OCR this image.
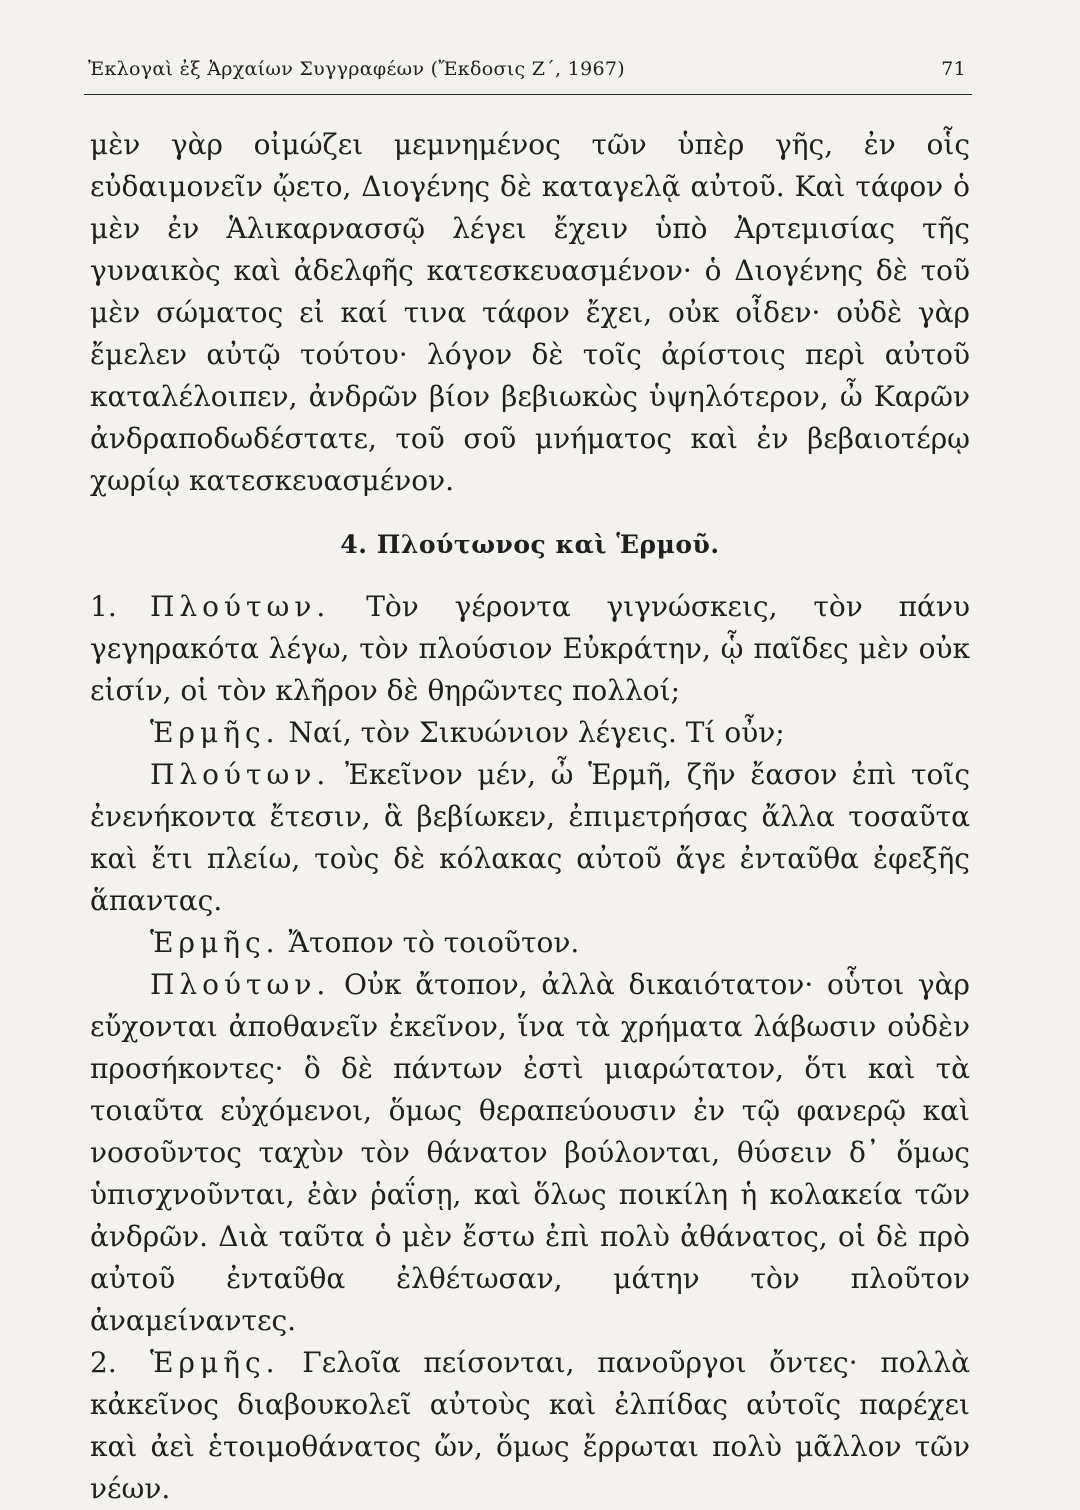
Ἐκλογαὶ ἐξ Ἀρχαίων Συγγραφέων (Ἔκδοσις Ζ΄, 1967)	71

μὲν γὰρ οἰμώζει μεμνημένος τῶν ὑπὲρ γῆς, ἐν οἷς εὐδαιμονεῖν ᾤετο, Διογένης δὲ καταγελᾷ αὐτοῦ. Καὶ τάφον ὁ μὲν ἐν Ἁλικαρνασσῷ λέγει ἔχειν ὑπὸ Ἀρτεμισίας τῆς γυναικὸς καὶ ἀδελφῆς κατεσκευασμένον· ὁ Διογένης δὲ τοῦ μὲν σώματος εἰ καί τινα τάφον ἔχει, οὐκ οἶδεν· οὐδὲ γὰρ ἔμελεν αὐτῷ τούτου· λόγον δὲ τοῖς ἀρίστοις περὶ αὐτοῦ καταλέλοιπεν, ἀνδρῶν βίον βεβιωκὼς ὑψηλότερον, ὦ Καρῶν ἀνδραποδωδέστατε, τοῦ σοῦ μνήματος καὶ ἐν βεβαιοτέρῳ χωρίῳ κατεσκευασμένον.

4. Πλούτωνος καὶ Ἑρμοῦ.

1. Πλούτων. Τὸν γέροντα γιγνώσκεις, τὸν πάνυ γεγηρακότα λέγω, τὸν πλούσιον Εὐκράτην, ᾧ παῖδες μὲν οὐκ εἰσίν, οἱ τὸν κλῆρον δὲ θηρῶντες πολλοί;

Ἑρμῆς. Ναί, τὸν Σικυώνιον λέγεις. Τί οὖν;

Πλούτων. Ἐκεῖνον μέν, ὦ Ἑρμῆ, ζῆν ἔασον ἐπὶ τοῖς ἐνενήκοντα ἔτεσιν, ἃ βεβίωκεν, ἐπιμετρήσας ἄλλα τοσαῦτα καὶ ἔτι πλείω, τοὺς δὲ κόλακας αὐτοῦ ἄγε ἐνταῦθα ἐφεξῆς ἅπαντας.

Ἑρμῆς. Ἄτοπον τὸ τοιοῦτον.

Πλούτων. Οὐκ ἄτοπον, ἀλλὰ δικαιότατον· οὗτοι γὰρ εὔχονται ἀποθανεῖν ἐκεῖνον, ἵνα τὰ χρήματα λάβωσιν οὐδὲν προσήκοντες· ὃ δὲ πάντων ἐστὶ μιαρώτατον, ὅτι καὶ τὰ τοιαῦτα εὐχόμενοι, ὅμως θεραπεύουσιν ἐν τῷ φανερῷ καὶ νοσοῦντος ταχὺν τὸν θάνατον βούλονται, θύσειν δ᾽ ὅμως ὑπισχνοῦνται, ἐὰν ῥαΐσῃ, καὶ ὅλως ποικίλη ἡ κολακεία τῶν ἀνδρῶν. Διὰ ταῦτα ὁ μὲν ἔστω ἐπὶ πολὺ ἀθάνατος, οἱ δὲ πρὸ αὐτοῦ ἐνταῦθα ἐλθέτωσαν, μάτην τὸν πλοῦτον ἀναμείναντες.

2. Ἑρμῆς. Γελοῖα πείσονται, πανοῦργοι ὄντες· πολλὰ κἀκεῖνος διαβουκολεῖ αὐτοὺς καὶ ἐλπίδας αὐτοῖς παρέχει καὶ ἀεὶ ἑτοιμοθάνατος ὤν, ὅμως ἔρρωται πολὺ μᾶλλον τῶν νέων.
